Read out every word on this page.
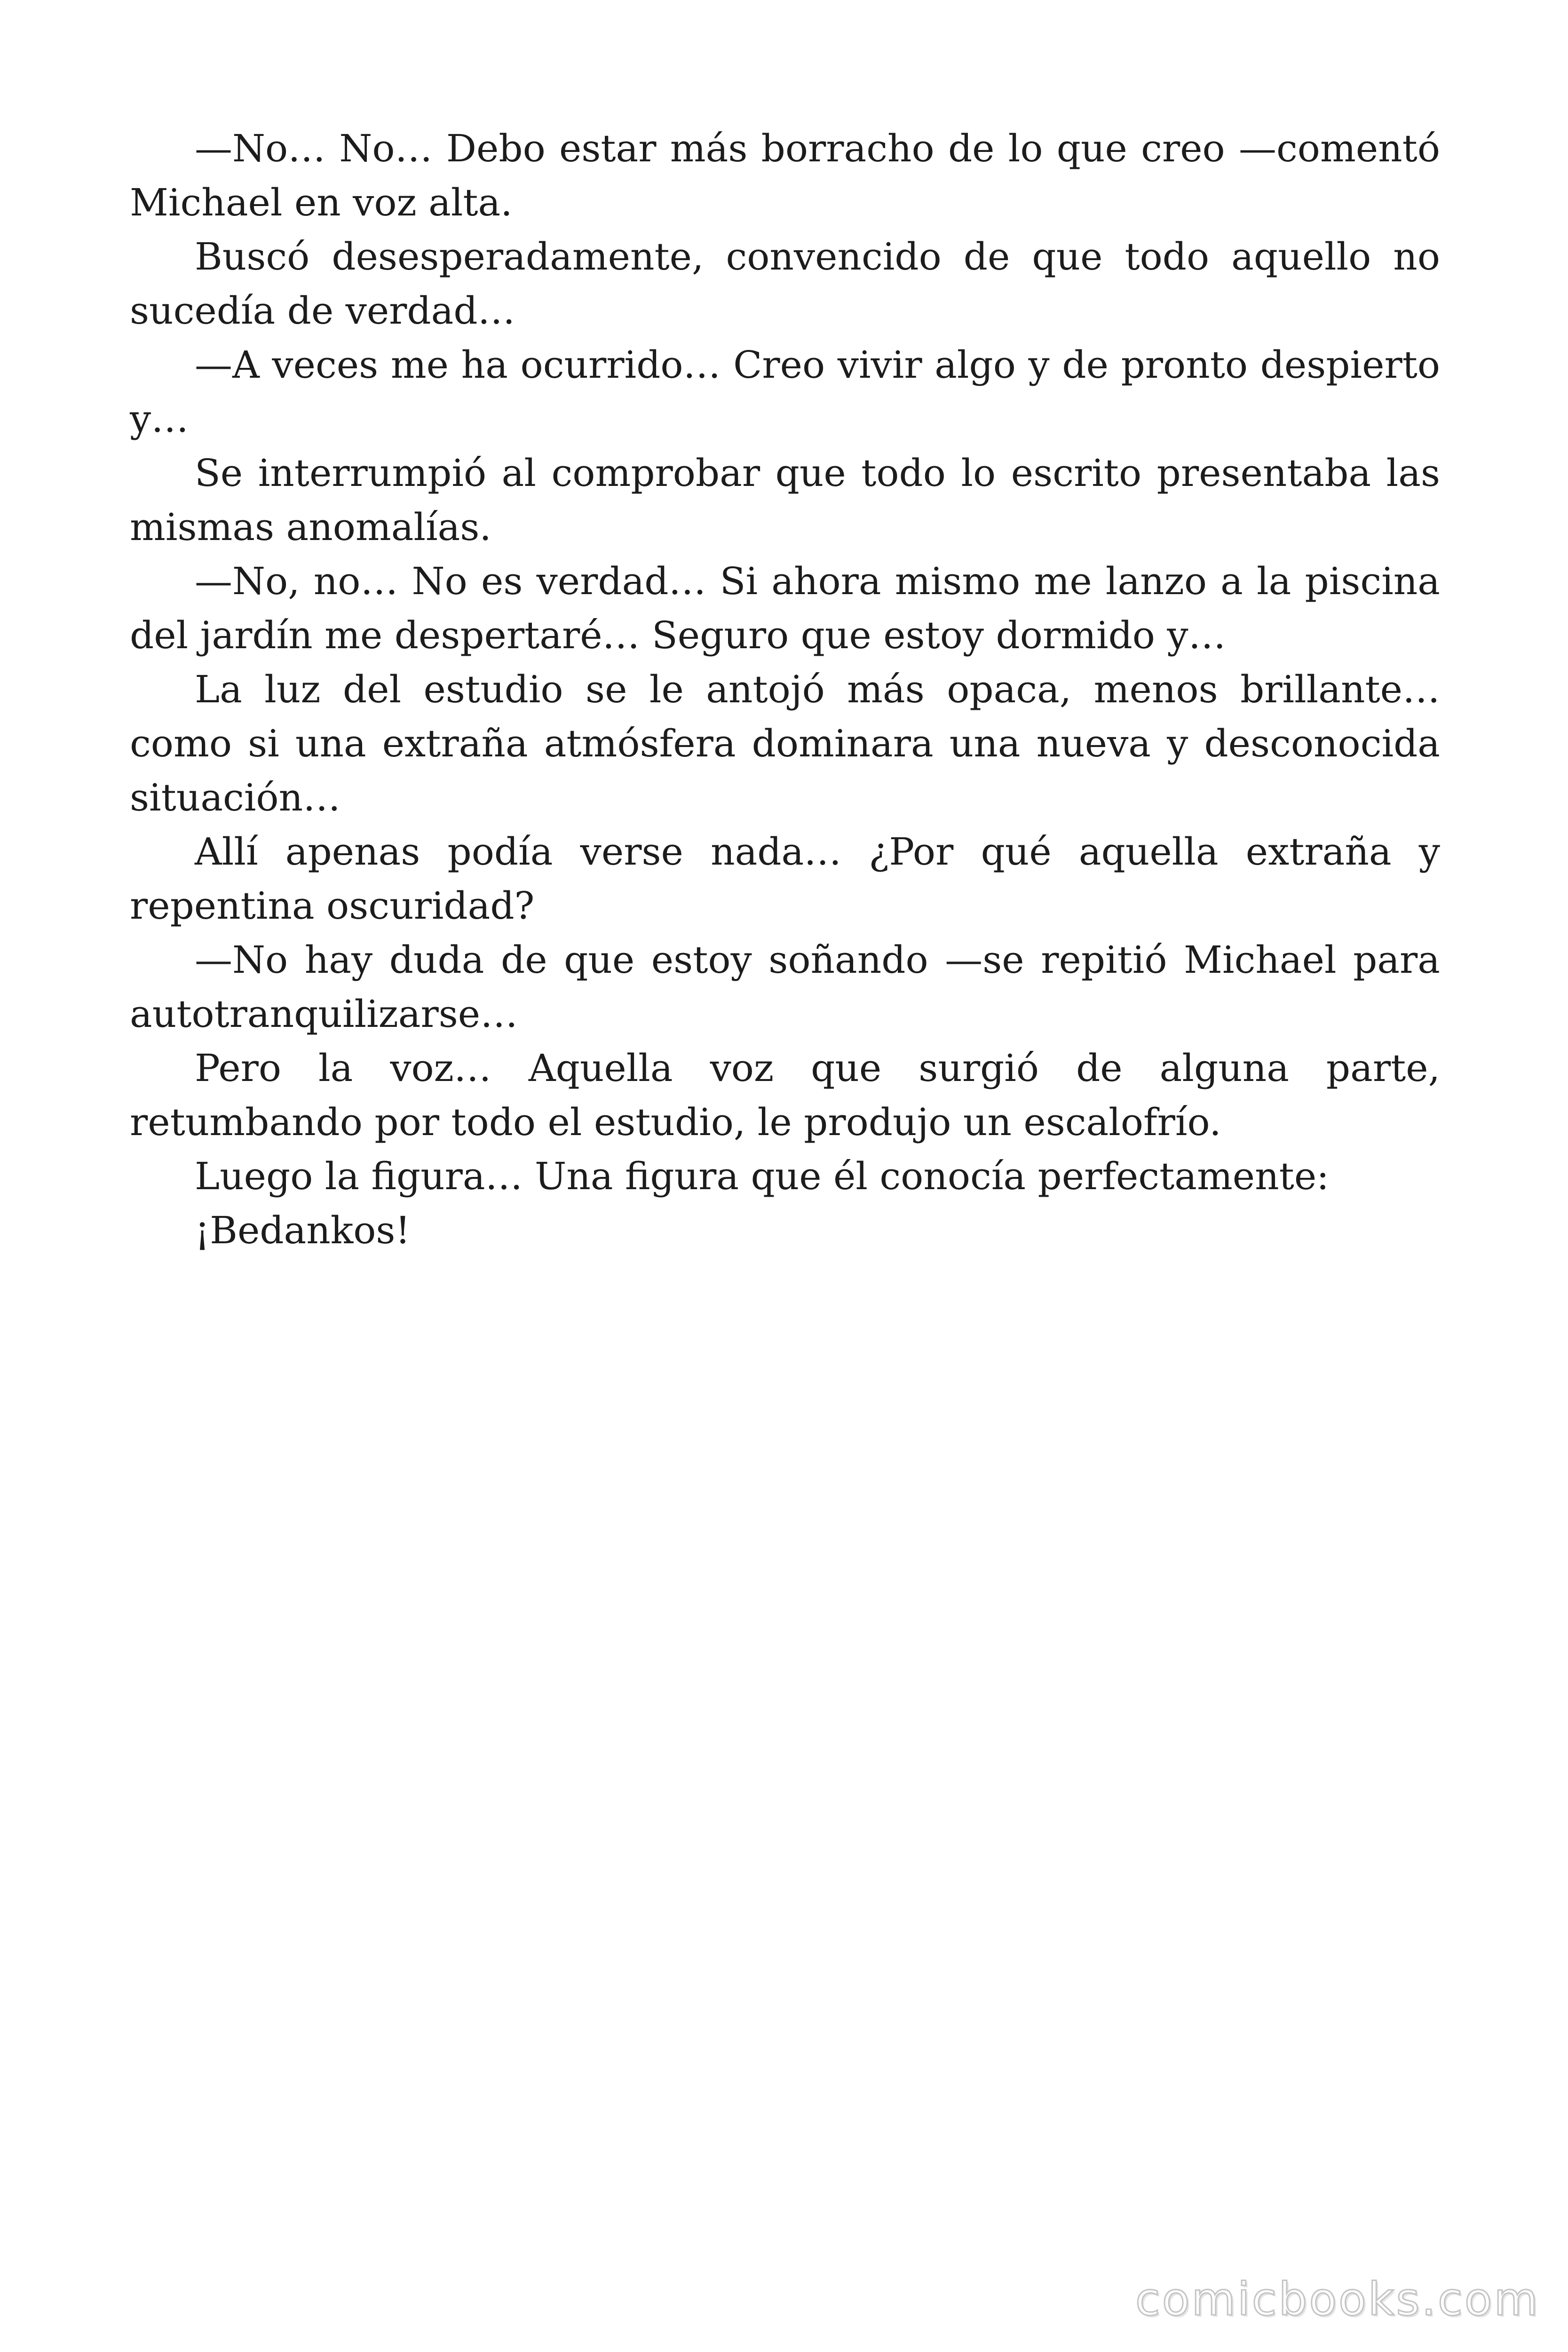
—No… No… Debo estar más borracho de lo que creo —comentó Michael en voz alta.

Buscó desesperadamente, convencido de que todo aquello no sucedía de verdad…

—A veces me ha ocurrido… Creo vivir algo y de pronto despierto y…

Se interrumpió al comprobar que todo lo escrito presentaba las mismas anomalías.

—No, no… No es verdad… Si ahora mismo me lanzo a la piscina del jardín me despertaré… Seguro que estoy dormido y…

La luz del estudio se le antojó más opaca, menos brillante… como si una extraña atmósfera dominara una nueva y desconocida situación…

Allí apenas podía verse nada… ¿Por qué aquella extraña y repentina oscuridad?

—No hay duda de que estoy soñando —se repitió Michael para autotranquilizarse…

Pero la voz… Aquella voz que surgió de alguna parte, retumbando por todo el estudio, le produjo un escalofrío.

Luego la figura… Una figura que él conocía perfectamente:

¡Bedankos!

comicbooks.com
